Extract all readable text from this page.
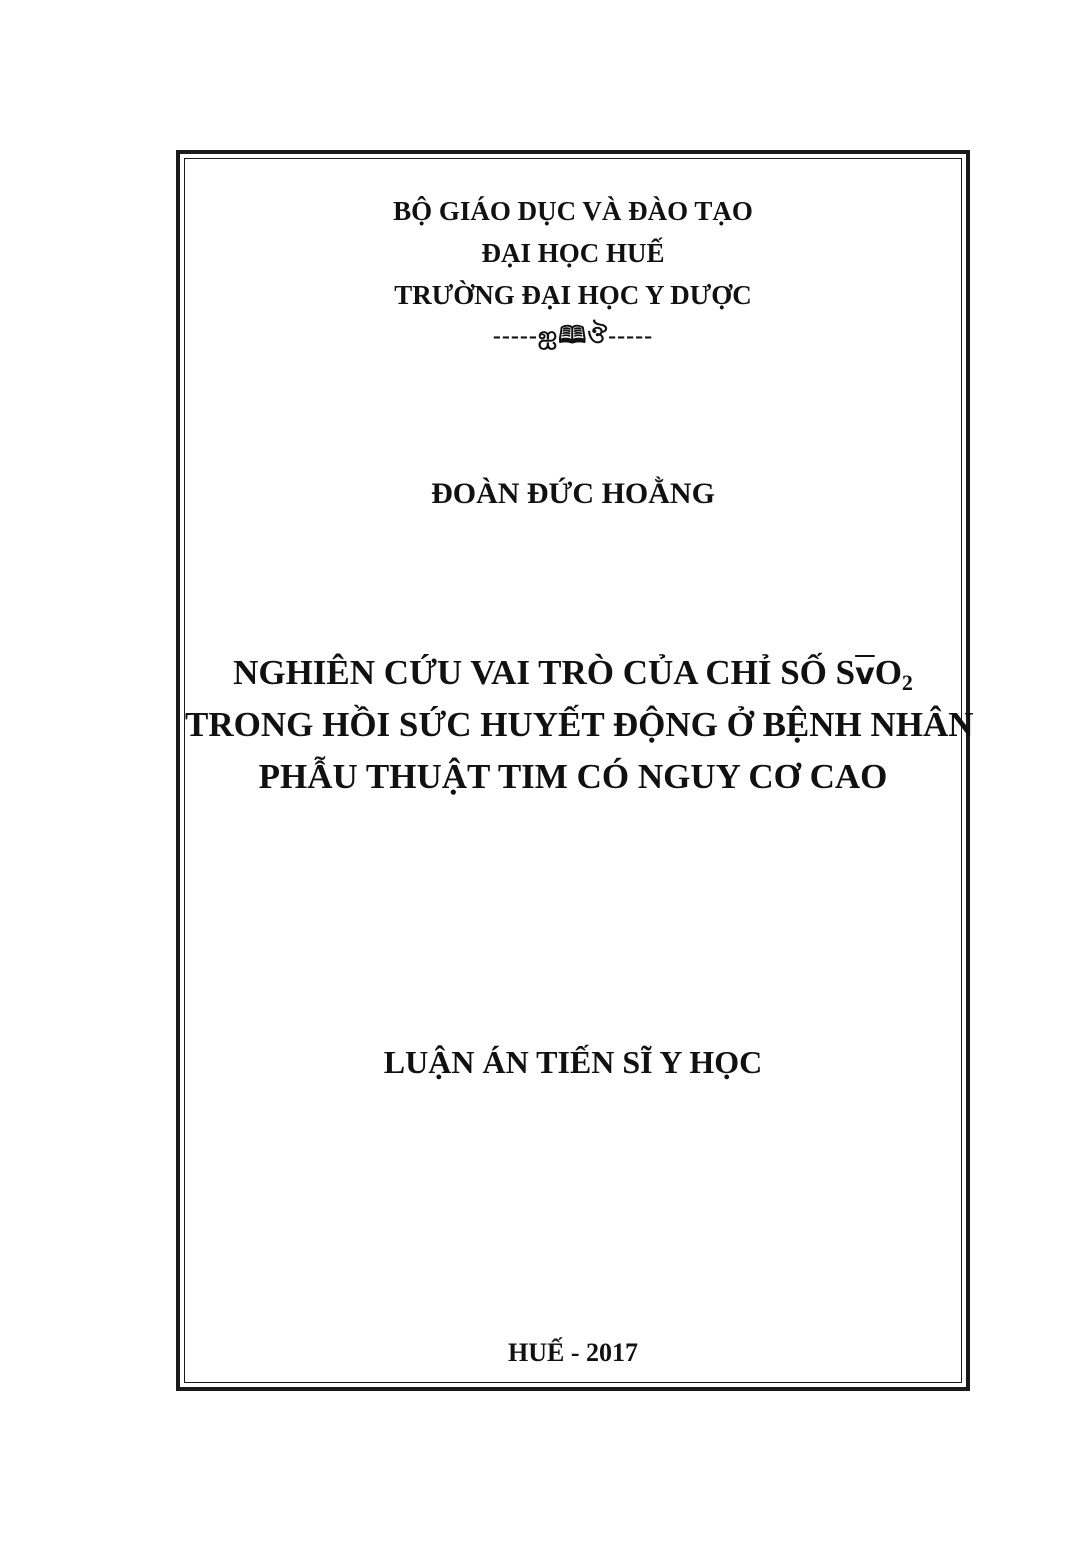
BỘ GIÁO DỤC VÀ ĐÀO TẠO
ĐẠI HỌC HUẾ
TRƯỜNG ĐẠI HỌC Y DƯỢC
-----ஐ🕮ঔ-----
ĐOÀN ĐỨC HOẰNG
NGHIÊN CỨU VAI TRÒ CỦA CHỈ SỐ $S\overline{v}O_2$
TRONG HỒI SỨC HUYẾT ĐỘNG Ở BỆNH NHÂN
PHẪU THUẬT TIM CÓ NGUY CƠ CAO
LUẬN ÁN TIẾN SĨ Y HỌC
HUẾ - 2017
